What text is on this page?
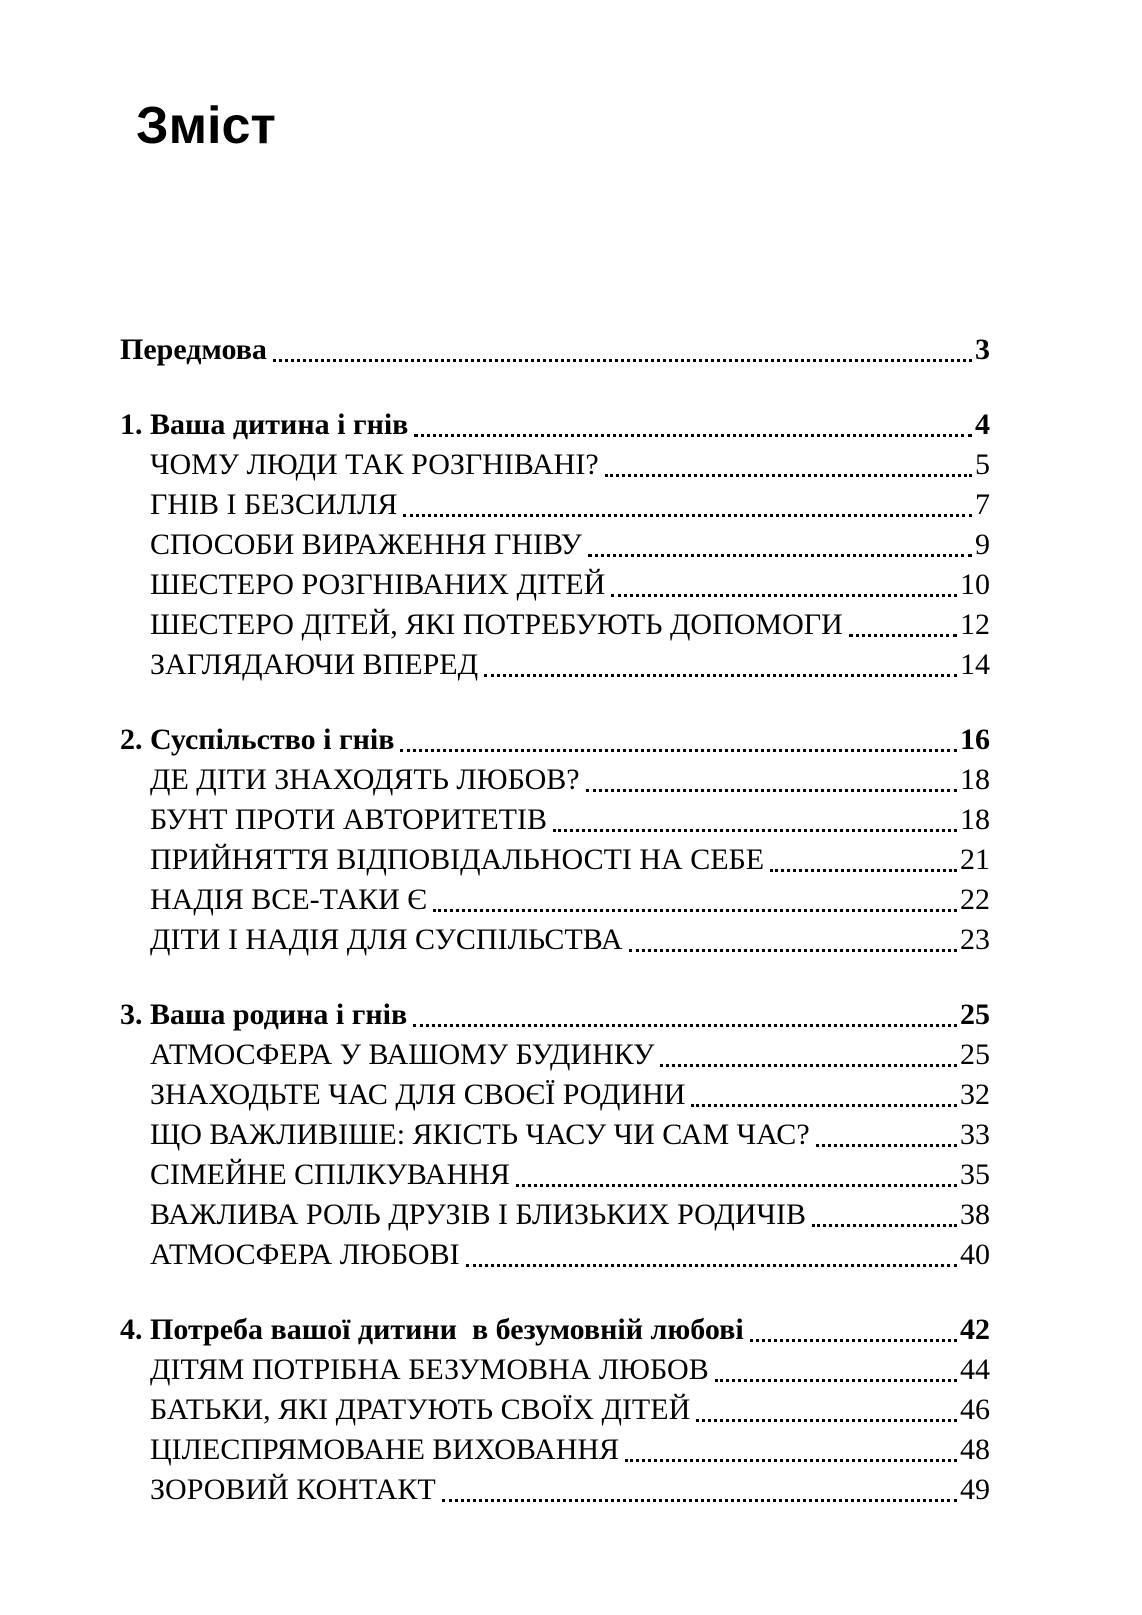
Зміст
Передмова	3
1. Ваша дитина і гнів	4
ЧОМУ ЛЮДИ ТАК РОЗГНІВАНІ?	5
ГНІВ І БЕЗСИЛЛЯ	7
СПОСОБИ ВИРАЖЕННЯ ГНІВУ	9
ШЕСТЕРО РОЗГНІВАНИХ ДІТЕЙ	10
ШЕСТЕРО ДІТЕЙ, ЯКІ ПОТРЕБУЮТЬ ДОПОМОГИ	12
ЗАГЛЯДАЮЧИ ВПЕРЕД	14
2. Суспільство і гнів	16
ДЕ ДІТИ ЗНАХОДЯТЬ ЛЮБОВ?	18
БУНТ ПРОТИ АВТОРИТЕТІВ	18
ПРИЙНЯТТЯ ВІДПОВІДАЛЬНОСТІ НА СЕБЕ	21
НАДІЯ ВСЕ-ТАКИ Є	22
ДІТИ І НАДІЯ ДЛЯ СУСПІЛЬСТВА	23
3. Ваша родина і гнів	25
АТМОСФЕРА У ВАШОМУ БУДИНКУ	25
ЗНАХОДЬТЕ ЧАС ДЛЯ СВОЄЇ РОДИНИ	32
ЩО ВАЖЛИВІШЕ: ЯКІСТЬ ЧАСУ ЧИ САМ ЧАС?	33
СІМЕЙНЕ СПІЛКУВАННЯ	35
ВАЖЛИВА РОЛЬ ДРУЗІВ І БЛИЗЬКИХ РОДИЧІВ	38
АТМОСФЕРА ЛЮБОВІ	40
4. Потреба вашої дитини  в безумовній любові	42
ДІТЯМ ПОТРІБНА БЕЗУМОВНА ЛЮБОВ	44
БАТЬКИ, ЯКІ ДРАТУЮТЬ СВОЇХ ДІТЕЙ	46
ЦІЛЕСПРЯМОВАНЕ ВИХОВАННЯ	48
ЗОРОВИЙ КОНТАКТ	49
